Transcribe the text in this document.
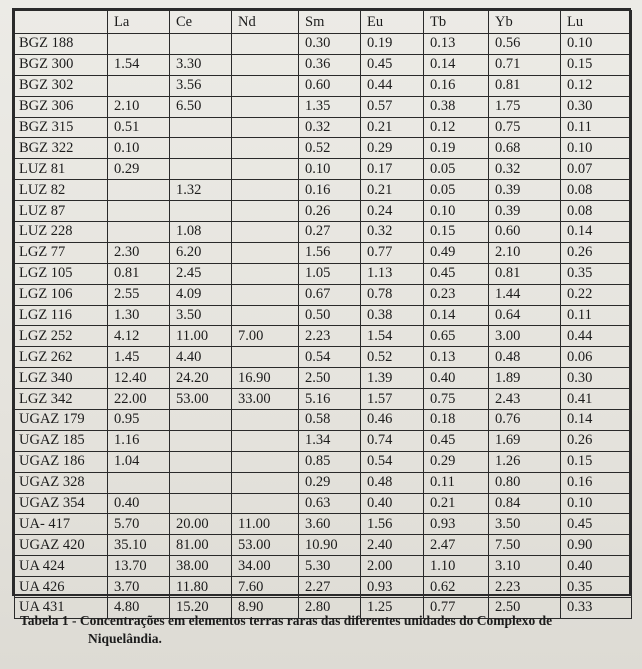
	La	Ce	Nd	Sm	Eu	Tb	Yb	Lu
BGZ 188				0.30	0.19	0.13	0.56	0.10
BGZ 300	1.54	3.30		0.36	0.45	0.14	0.71	0.15
BGZ 302		3.56		0.60	0.44	0.16	0.81	0.12
BGZ 306	2.10	6.50		1.35	0.57	0.38	1.75	0.30
BGZ 315	0.51			0.32	0.21	0.12	0.75	0.11
BGZ 322	0.10			0.52	0.29	0.19	0.68	0.10
LUZ 81	0.29			0.10	0.17	0.05	0.32	0.07
LUZ 82		1.32		0.16	0.21	0.05	0.39	0.08
LUZ 87				0.26	0.24	0.10	0.39	0.08
LUZ 228		1.08		0.27	0.32	0.15	0.60	0.14
LGZ 77	2.30	6.20		1.56	0.77	0.49	2.10	0.26
LGZ 105	0.81	2.45		1.05	1.13	0.45	0.81	0.35
LGZ 106	2.55	4.09		0.67	0.78	0.23	1.44	0.22
LGZ 116	1.30	3.50		0.50	0.38	0.14	0.64	0.11
LGZ 252	4.12	11.00	7.00	2.23	1.54	0.65	3.00	0.44
LGZ 262	1.45	4.40		0.54	0.52	0.13	0.48	0.06
LGZ 340	12.40	24.20	16.90	2.50	1.39	0.40	1.89	0.30
LGZ 342	22.00	53.00	33.00	5.16	1.57	0.75	2.43	0.41
UGAZ 179	0.95			0.58	0.46	0.18	0.76	0.14
UGAZ 185	1.16			1.34	0.74	0.45	1.69	0.26
UGAZ 186	1.04			0.85	0.54	0.29	1.26	0.15
UGAZ 328				0.29	0.48	0.11	0.80	0.16
UGAZ 354	0.40			0.63	0.40	0.21	0.84	0.10
UA- 417	5.70	20.00	11.00	3.60	1.56	0.93	3.50	0.45
UGAZ 420	35.10	81.00	53.00	10.90	2.40	2.47	7.50	0.90
UA 424	13.70	38.00	34.00	5.30	2.00	1.10	3.10	0.40
UA 426	3.70	11.80	7.60	2.27	0.93	0.62	2.23	0.35
UA 431	4.80	15.20	8.90	2.80	1.25	0.77	2.50	0.33
Tabela 1 - Concentrações em elementos terras raras das diferentes unidades do Complexo de
Niquelândia.
